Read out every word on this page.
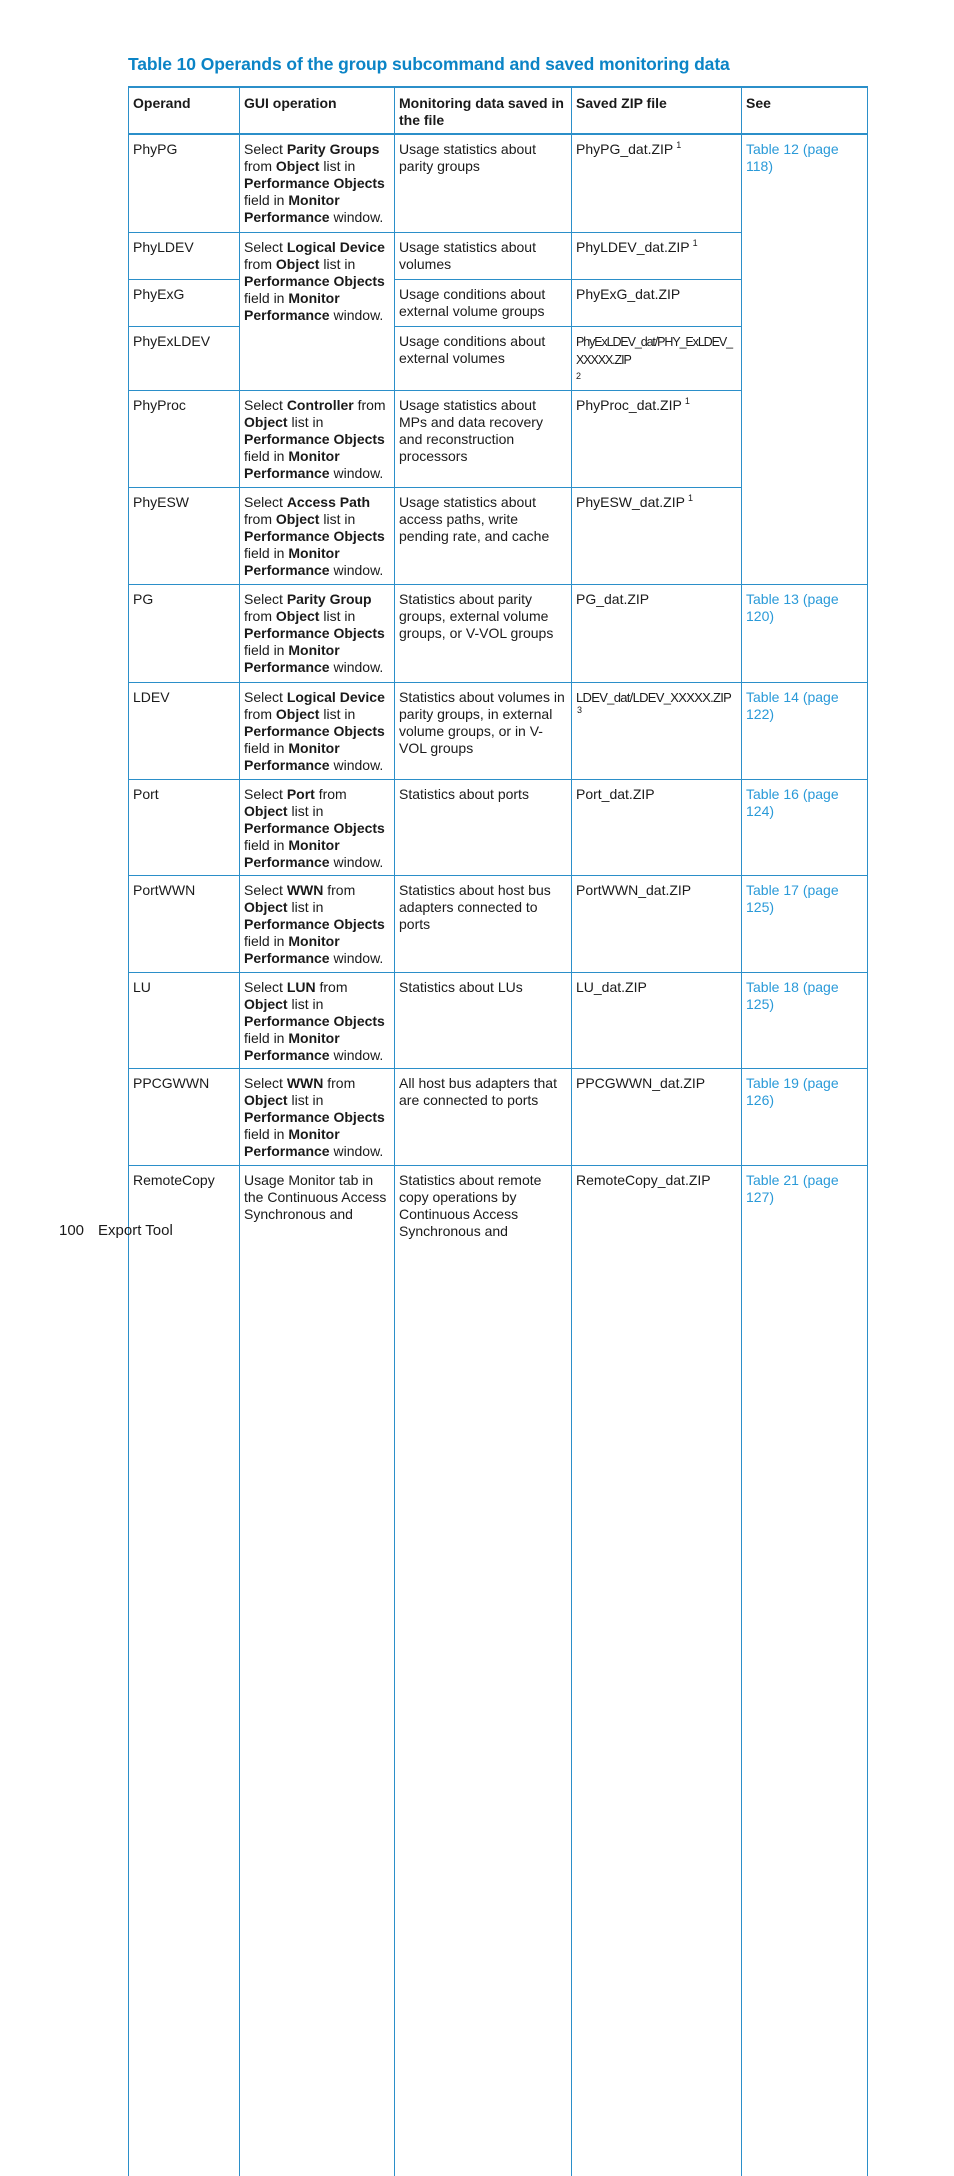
Table 10 Operands of the group subcommand and saved monitoring data
Operand	GUI operation	Monitoring data saved in the file	Saved ZIP file	See
PhyPG	Select Parity Groups from Object list in Performance Objects field in Monitor Performance window.	Usage statistics about parity groups	PhyPG_dat.ZIP $^1$	Table 12 (page 118)
PhyLDEV	Select Logical Device from Object list in Performance Objects field in Monitor Performance window.	Usage statistics about volumes	PhyLDEV_dat.ZIP $^1$
PhyExG		Usage conditions about external volume groups	PhyExG_dat.ZIP	
PhyExLDEV		Usage conditions about external volumes	PhyExLDEV_dat/PHY_ExLDEV_XXXXX.ZIP
$^2$
PhyProc	Select Controller from Object list in Performance Objects field in Monitor Performance window.	Usage statistics about MPs and data recovery and reconstruction processors	PhyProc_dat.ZIP $^1$
PhyESW	Select Access Path from Object list in Performance Objects field in Monitor Performance window.	Usage statistics about access paths, write pending rate, and cache	PhyESW_dat.ZIP $^1$
PG	Select Parity Group from Object list in Performance Objects field in Monitor Performance window.	Statistics about parity groups, external volume groups, or V-VOL groups	PG_dat.ZIP	Table 13 (page 120)
LDEV	Select Logical Device from Object list in Performance Objects field in Monitor Performance window.	Statistics about volumes in parity groups, in external volume groups, or in V-VOL groups	LDEV_dat/LDEV_XXXXX.ZIP$^3$	Table 14 (page 122)
Port	Select Port from Object list in Performance Objects field in Monitor Performance window.	Statistics about ports	Port_dat.ZIP	Table 16 (page 124)
PortWWN	Select WWN from Object list in Performance Objects field in Monitor Performance window.	Statistics about host bus adapters connected to ports	PortWWN_dat.ZIP	Table 17 (page 125)
LU	Select LUN from Object list in Performance Objects field in Monitor Performance window.	Statistics about LUs	LU_dat.ZIP	Table 18 (page 125)
PPCGWWN	Select WWN from Object list in Performance Objects field in Monitor Performance window.	All host bus adapters that are connected to ports	PPCGWWN_dat.ZIP	Table 19 (page 126)
RemoteCopy	Usage Monitor tab in the Continuous Access Synchronous and	Statistics about remote copy operations by Continuous Access Synchronous and	RemoteCopy_dat.ZIP	Table 21 (page 127)
100 Export Tool
